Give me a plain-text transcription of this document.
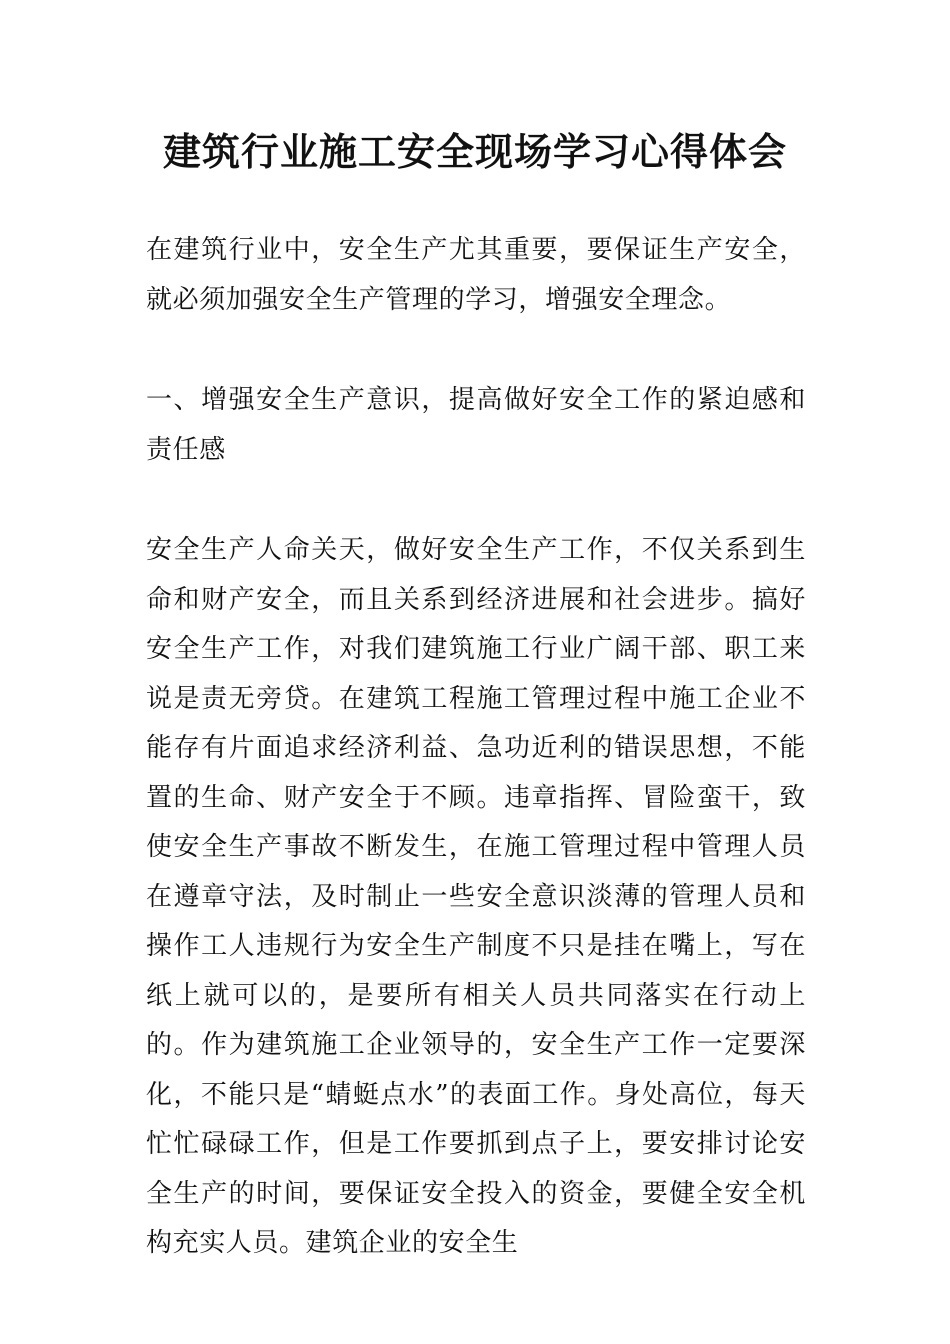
建筑行业施工安全现场学习心得体会

在建筑行业中，安全生产尤其重要，要保证生产安全，就必须加强安全生产管理的学习，增强安全理念。

一、增强安全生产意识，提高做好安全工作的紧迫感和责任感

安全生产人命关天，做好安全生产工作，不仅关系到生命和财产安全，而且关系到经济进展和社会进步。搞好安全生产工作，对我们建筑施工行业广阔干部、职工来说是责无旁贷。在建筑工程施工管理过程中施工企业不能存有片面追求经济利益、急功近利的错误思想，不能置的生命、财产安全于不顾。违章指挥、冒险蛮干，致使安全生产事故不断发生，在施工管理过程中管理人员在遵章守法，及时制止一些安全意识淡薄的管理人员和操作工人违规行为安全生产制度不只是挂在嘴上，写在纸上就可以的，是要所有相关人员共同落实在行动上的。作为建筑施工企业领导的，安全生产工作一定要深化，不能只是“蜻蜓点水”的表面工作。身处高位，每天忙忙碌碌工作，但是工作要抓到点子上，要安排讨论安全生产的时间，要保证安全投入的资金，要健全安全机构充实人员。建筑企业的安全生
